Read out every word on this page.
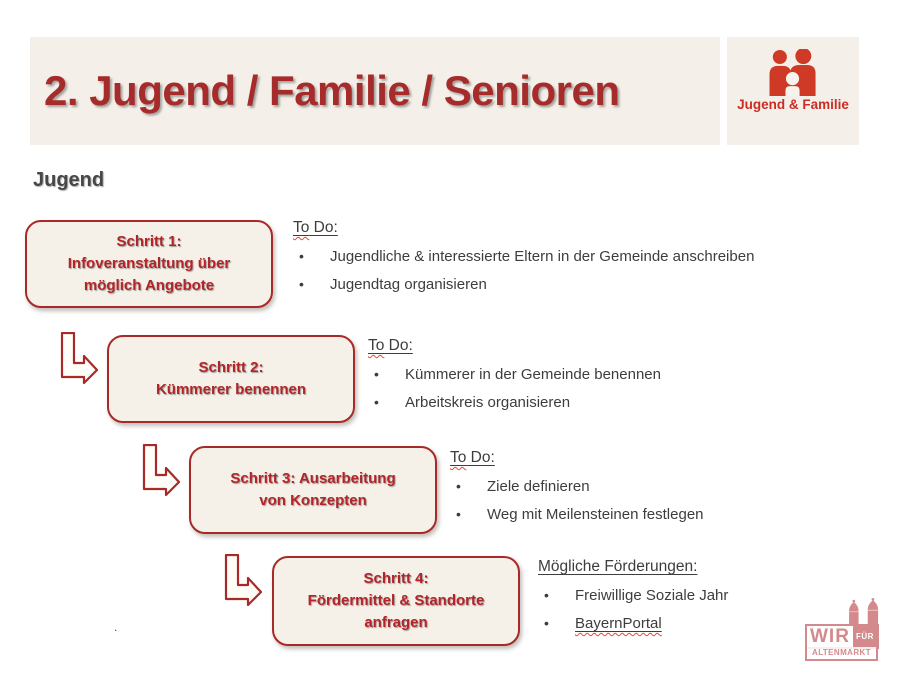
2. Jugend / Familie / Senioren	Jugend & Familie
Jugend
Schritt 1:
Infoveranstaltung über
möglich Angebote
To Do:
• Jugendliche & interessierte Eltern in der Gemeinde anschreiben
• Jugendtag organisieren
Schritt 2:
Kümmerer benennen
To Do:
• Kümmerer in der Gemeinde benennen
• Arbeitskreis organisieren
Schritt 3: Ausarbeitung
von Konzepten
To Do:
• Ziele definieren
• Weg mit Meilensteinen festlegen
Schritt 4:
Fördermittel & Standorte
anfragen
Mögliche Förderungen:
• Freiwillige Soziale Jahr
• BayernPortal
WIR FÜR
ALTENMARKT
.
